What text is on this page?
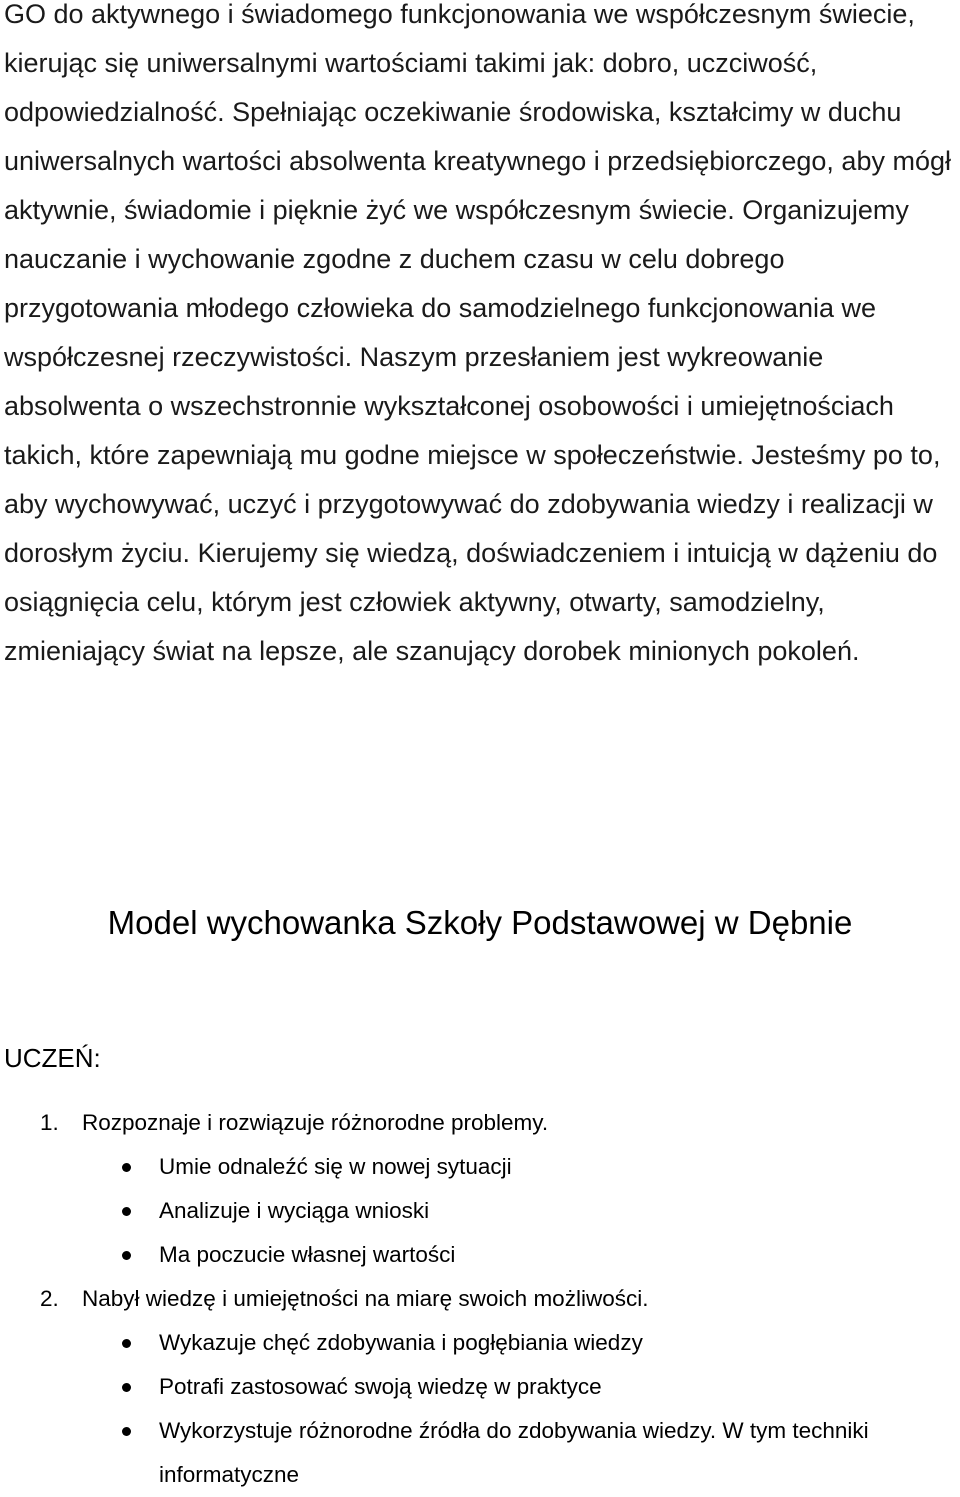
GO do aktywnego i świadomego funkcjonowania we współczesnym świecie, kierując się uniwersalnymi wartościami takimi jak: dobro, uczciwość, odpowiedzialność. Spełniając oczekiwanie środowiska, kształcimy w duchu uniwersalnych wartości absolwenta kreatywnego i przedsiębiorczego, aby mógł aktywnie, świadomie i pięknie żyć we współczesnym świecie. Organizujemy nauczanie i wychowanie zgodne z duchem czasu w celu dobrego przygotowania młodego człowieka do samodzielnego funkcjonowania we współczesnej rzeczywistości. Naszym przesłaniem jest wykreowanie absolwenta o wszechstronnie wykształconej osobowości i umiejętnościach takich, które zapewniają mu godne miejsce w społeczeństwie. Jesteśmy po to, aby wychowywać, uczyć i przygotowywać do zdobywania wiedzy i realizacji w dorosłym życiu. Kierujemy się wiedzą, doświadczeniem i intuicją w dążeniu do osiągnięcia celu, którym jest człowiek aktywny, otwarty, samodzielny, zmieniający świat na lepsze, ale szanujący dorobek minionych pokoleń.

Model wychowanka Szkoły Podstawowej w Dębnie

UCZEŃ:

1. Rozpoznaje i rozwiązuje różnorodne problemy.
Umie odnaleźć się w nowej sytuacji
Analizuje i wyciąga wnioski
Ma poczucie własnej wartości
2. Nabył wiedzę i umiejętności na miarę swoich możliwości.
Wykazuje chęć zdobywania i pogłębiania wiedzy
Potrafi zastosować swoją wiedzę w praktyce
Wykorzystuje różnorodne źródła do zdobywania wiedzy. W tym techniki informatyczne
